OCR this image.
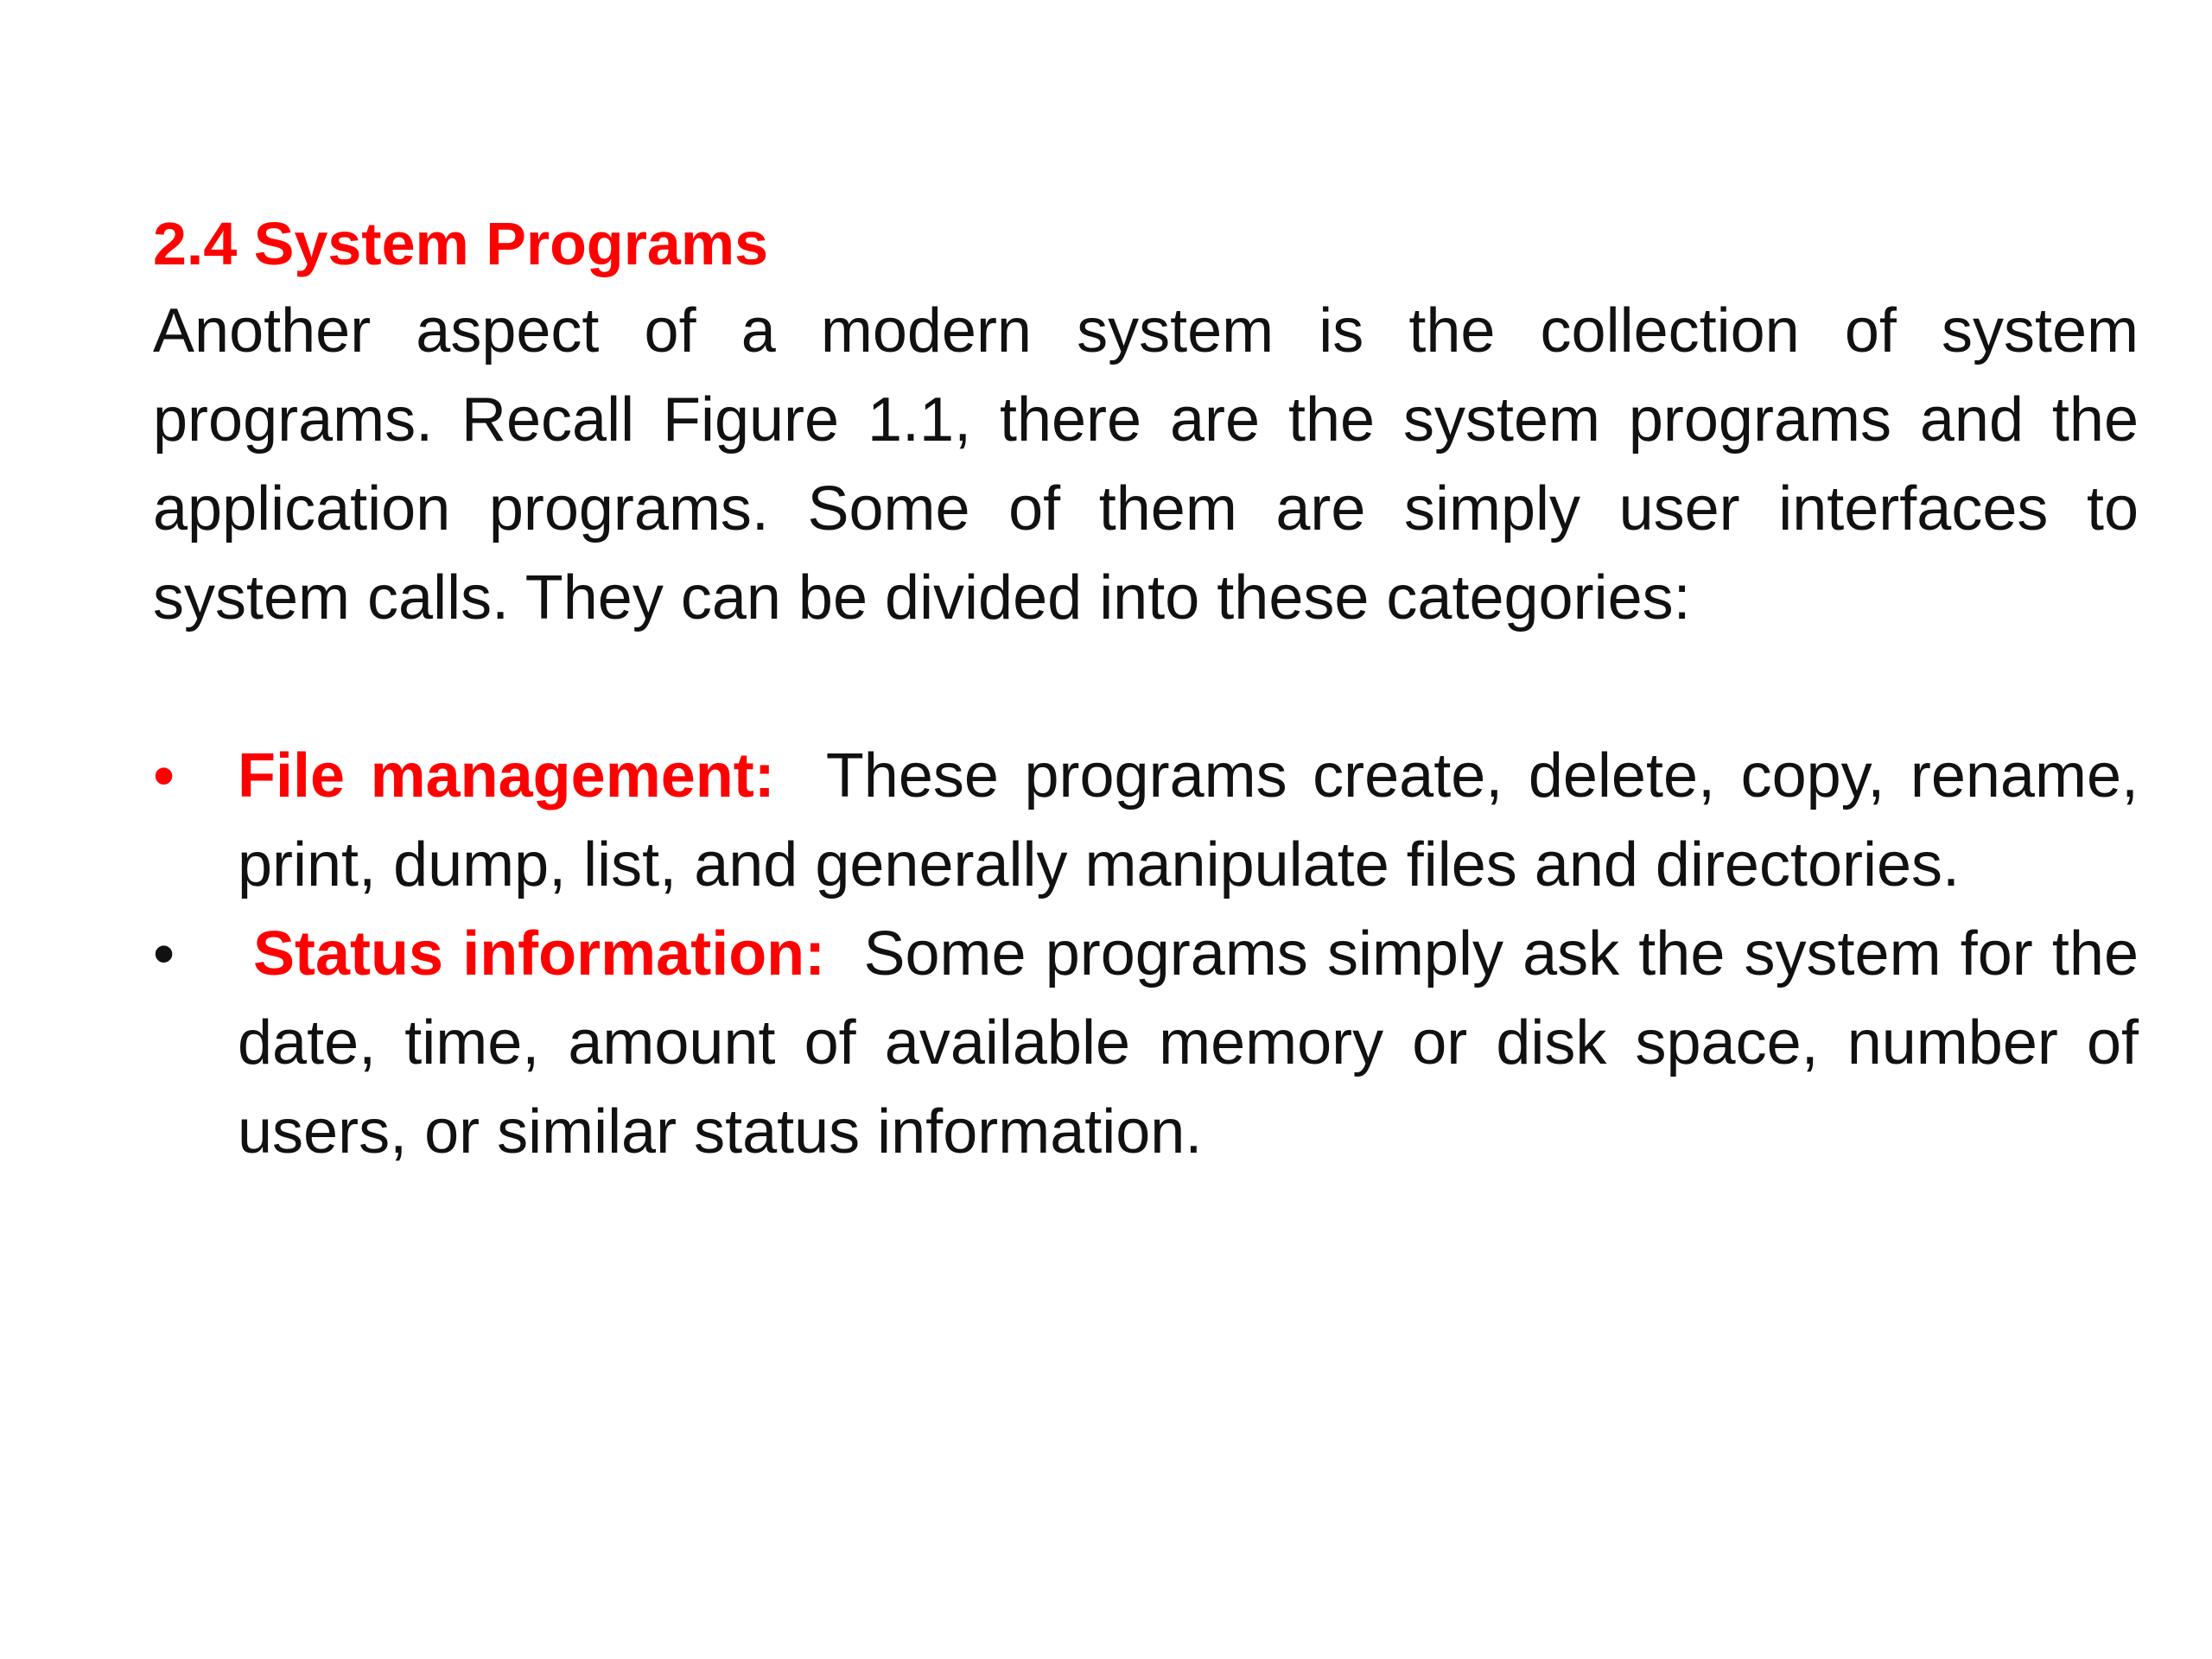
2.4 System Programs

Another aspect of a modern system is the collection of system programs. Recall Figure 1.1, there are the system programs and the application programs. Some of them are simply user interfaces to system calls. They can be divided into these categories:

•	File management: These programs create, delete, copy, rename, print, dump, list, and generally manipulate files and directories.
•	Status information: Some programs simply ask the system for the date, time, amount of available memory or disk space, number of users, or similar status information.
